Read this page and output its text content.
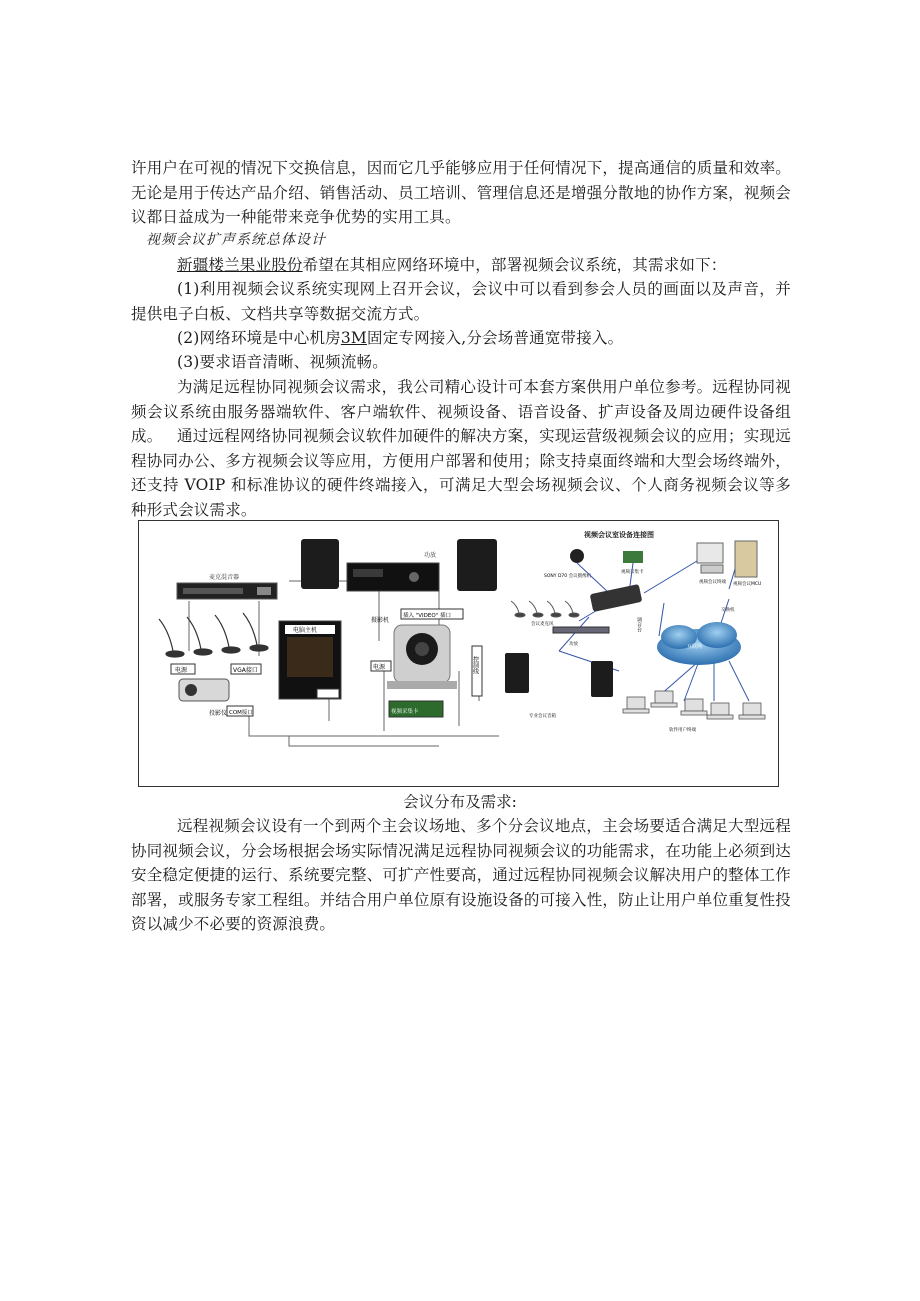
许用户在可视的情况下交换信息，因而它几乎能够应用于任何情况下，提高通信的质量和效率。无论是用于传达产品介绍、销售活动、员工培训、管理信息还是增强分散地的协作方案，视频会议都日益成为一种能带来竞争优势的实用工具。

视频会议扩声系统总体设计

新疆楼兰果业股份希望在其相应网络环境中，部署视频会议系统，其需求如下：

(1)利用视频会议系统实现网上召开会议，会议中可以看到参会人员的画面以及声音，并提供电子白板、文档共享等数据交流方式。

(2)网络环境是中心机房3M固定专网接入,分会场普通宽带接入。

(3)要求语音清晰、视频流畅。

为满足远程协同视频会议需求，我公司精心设计可本套方案供用户单位参考。远程协同视频会议系统由服务器端软件、客户端软件、视频设备、语音设备、扩声设备及周边硬件设备组成。 通过远程网络协同视频会议软件加硬件的解决方案，实现运营级视频会议的应用；实现远程协同办公、多方视频会议等应用，方便用户部署和使用；除支持桌面终端和大型会场终端外，还支持 VOIP 和标准协议的硬件终端接入，可满足大型会场视频会议、个人商务视频会议等多种形式会议需求。

麦克混音器
功放
电源	VGA接口
投影仪
电脑主机
摄影机
插入 "VIDEO" 插口
电源	控制线
COM接口	视频采集卡
视频会议室设备连接图
SONY D70 会议摄像机
视频采集卡
视频会议终端 视频会议MCU
调音台
会议麦克风
功放
专业会议音箱
互联网
交换机
软件用户终端

会议分布及需求:

远程视频会议设有一个到两个主会议场地、多个分会议地点，主会场要适合满足大型远程协同视频会议，分会场根据会场实际情况满足远程协同视频会议的功能需求，在功能上必须到达安全稳定便捷的运行、系统要完整、可扩产性要高，通过远程协同视频会议解决用户的整体工作部署，或服务专家工程组。并结合用户单位原有设施设备的可接入性，防止让用户单位重复性投资以减少不必要的资源浪费。
